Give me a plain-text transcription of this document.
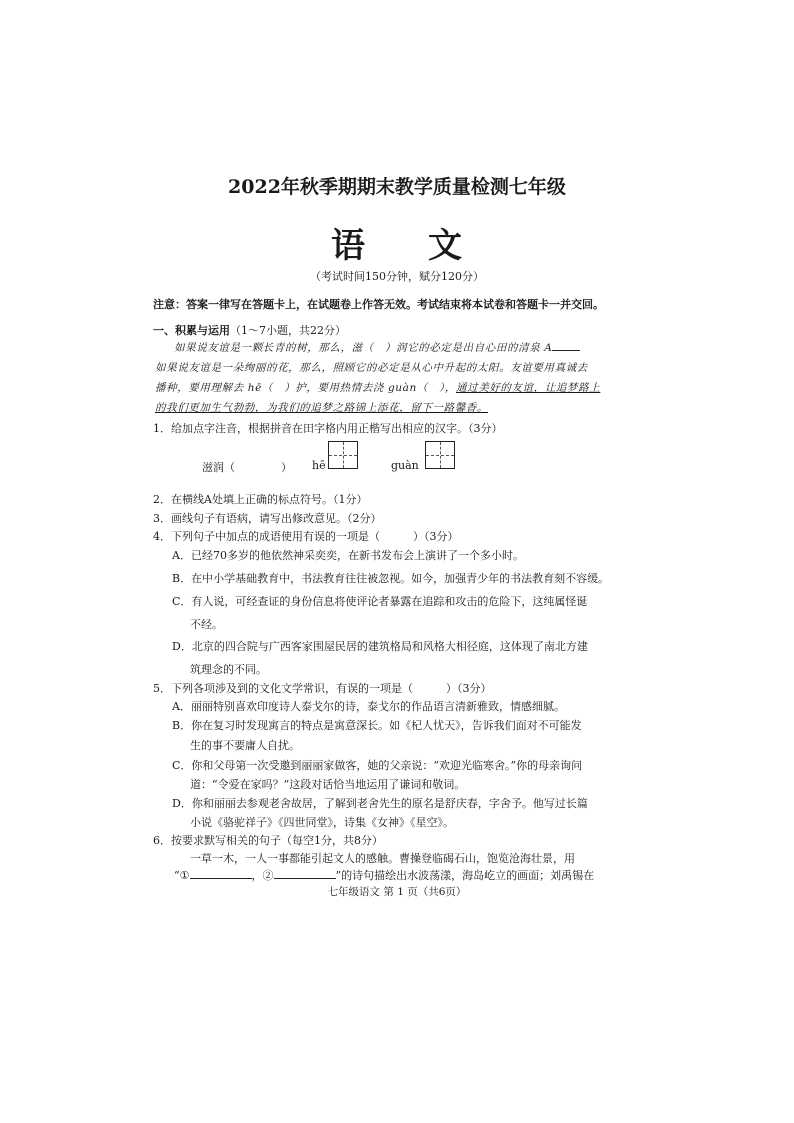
2022年秋季期期末教学质量检测七年级
语 文
（考试时间150分钟，赋分120分）
注意：答案一律写在答题卡上，在试题卷上作答无效。考试结束将本试卷和答题卡一并交回。
一、积累与运用（1～7小题，共22分）
如果说友谊是一颗长青的树，那么，滋（　）润它的必定是出自心田的清泉 A
如果说友谊是一朵绚丽的花，那么，照顾它的必定是从心中升起的太阳。友谊要用真诚去
播种，要用理解去 hē（　）护，要用热情去浇 guàn（　），通过美好的友谊，让追梦路上
的我们更加生气勃勃，为我们的追梦之路锦上添花，留下一路馨香。
1．给加点字注音，根据拼音在田字格内用正楷写出相应的汉字。（3分）
滋润（	） hē	guàn
2．在横线A处填上正确的标点符号。（1分）
3．画线句子有语病，请写出修改意见。（2分）
4．下列句子中加点的成语使用有误的一项是（　　　）（3分）
A．已经70多岁的他依然神采奕奕，在新书发布会上演讲了一个多小时。
B．在中小学基础教育中，书法教育往往被忽视。如今，加强青少年的书法教育刻不容缓。
C．有人说，可经查证的身份信息将使评论者暴露在追踪和攻击的危险下，这纯属怪诞
不经。
D．北京的四合院与广西客家围屋民居的建筑格局和风格大相径庭，这体现了南北方建
筑理念的不同。
5．下列各项涉及到的文化文学常识，有误的一项是（　　　）（3分）
A．丽丽特别喜欢印度诗人泰戈尔的诗，泰戈尔的作品语言清新雅致，情感细腻。
B．你在复习时发现寓言的特点是寓意深长。如《杞人忧天》，告诉我们面对不可能发
生的事不要庸人自扰。
C．你和父母第一次受邀到丽丽家做客，她的父亲说：“欢迎光临寒舍。”你的母亲询问
道：“令爱在家吗？”这段对话恰当地运用了谦词和敬词。
D．你和丽丽去参观老舍故居，了解到老舍先生的原名是舒庆春，字舍予。他写过长篇
小说《骆驼祥子》《四世同堂》，诗集《女神》《星空》。
6．按要求默写相关的句子（每空1分，共8分）
一草一木，一人一事都能引起文人的感触。曹操登临碣石山，饱览沧海壮景，用
“①	，②	”的诗句描绘出水波荡漾，海岛屹立的画面；刘禹锡在
七年级语文 第 1 页（共6页）
